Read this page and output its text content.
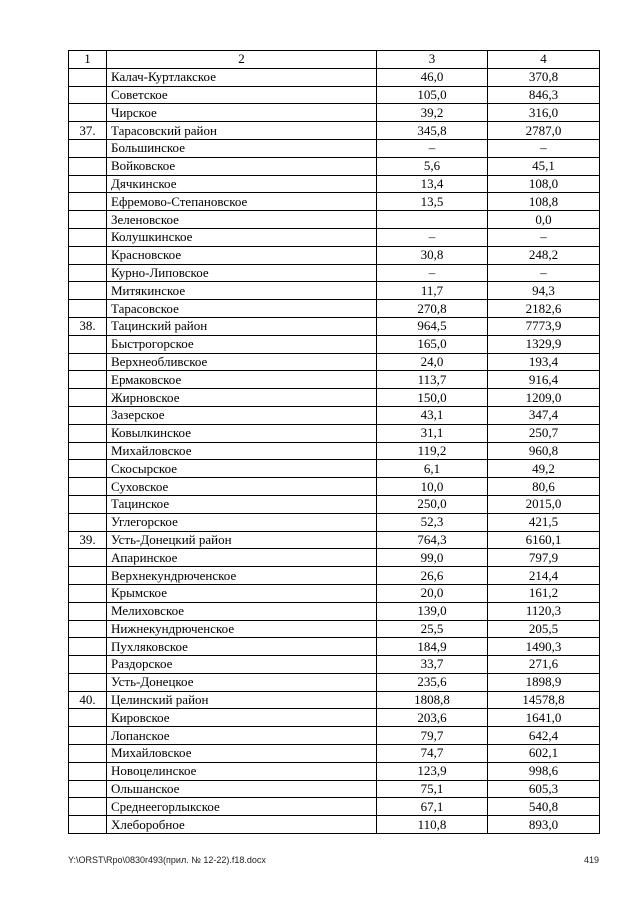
1	2	3	4
	Калач-Куртлакское	46,0	370,8
	Советское	105,0	846,3
	Чирское	39,2	316,0
37.	Тарасовский район	345,8	2787,0
	Большинское	–	–
	Войковское	5,6	45,1
	Дячкинское	13,4	108,0
	Ефремово-Степановское	13,5	108,8
	Зеленовское		0,0
	Колушкинское	–	–
	Красновское	30,8	248,2
	Курно-Липовское	–	–
	Митякинское	11,7	94,3
	Тарасовское	270,8	2182,6
38.	Тацинский район	964,5	7773,9
	Быстрогорское	165,0	1329,9
	Верхнеобливское	24,0	193,4
	Ермаковское	113,7	916,4
	Жирновское	150,0	1209,0
	Зазерское	43,1	347,4
	Ковылкинское	31,1	250,7
	Михайловское	119,2	960,8
	Скосырское	6,1	49,2
	Суховское	10,0	80,6
	Тацинское	250,0	2015,0
	Углегорское	52,3	421,5
39.	Усть-Донецкий район	764,3	6160,1
	Апаринское	99,0	797,9
	Верхнекундрюченское	26,6	214,4
	Крымское	20,0	161,2
	Мелиховское	139,0	1120,3
	Нижнекундрюченское	25,5	205,5
	Пухляковское	184,9	1490,3
	Раздорское	33,7	271,6
	Усть-Донецкое	235,6	1898,9
40.	Целинский район	1808,8	14578,8
	Кировское	203,6	1641,0
	Лопанское	79,7	642,4
	Михайловское	74,7	602,1
	Новоцелинское	123,9	998,6
	Ольшанское	75,1	605,3
	Среднеегорлыкское	67,1	540,8
	Хлеборобное	110,8	893,0
Y:\ORST\Rpo\0830r493(прил. № 12-22).f18.docx	419
